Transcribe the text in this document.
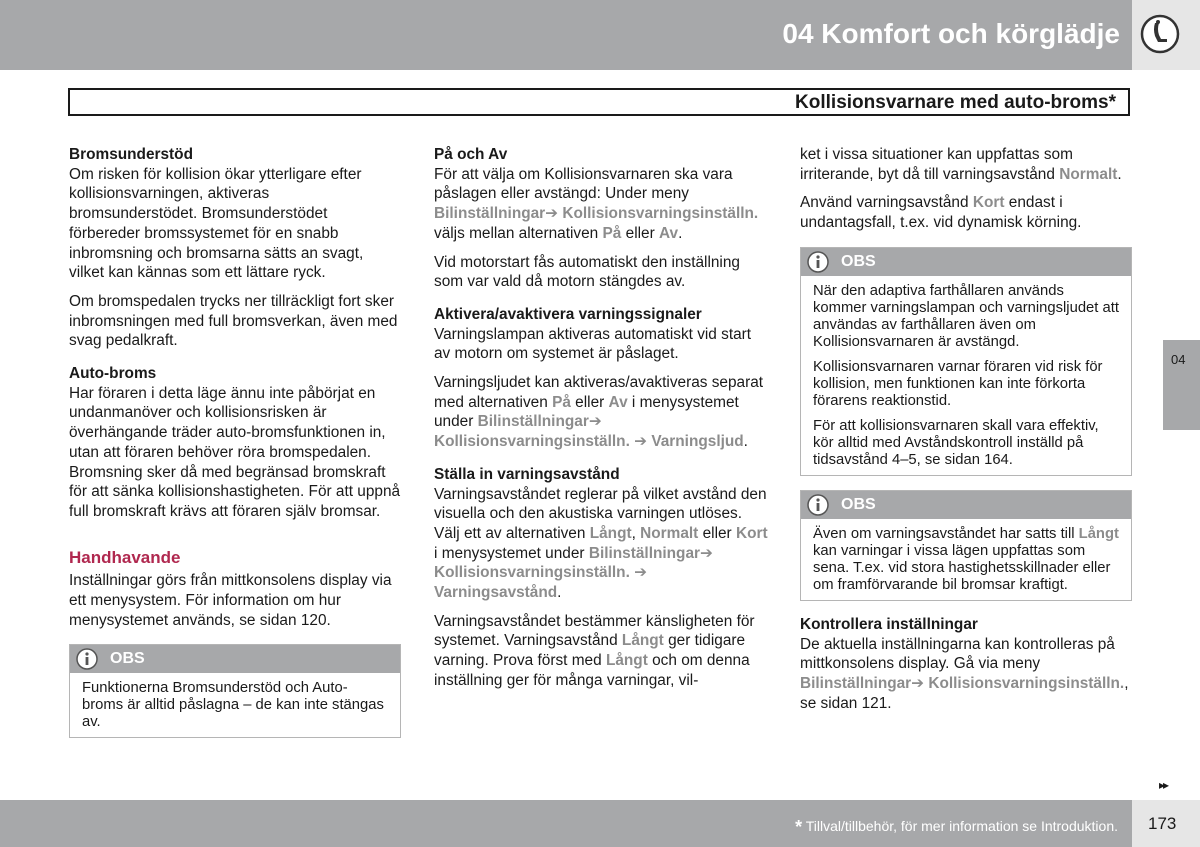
04 Komfort och körglädje
Kollisionsvarnare med auto-broms*
Bromsunderstöd

Om risken för kollision ökar ytterligare efter kollisionsvarningen, aktiveras bromsunderstödet. Bromsunderstödet förbereder bromssystemet för en snabb inbromsning och bromsarna sätts an svagt, vilket kan kännas som ett lättare ryck.

Om bromspedalen trycks ner tillräckligt fort sker inbromsningen med full bromsverkan, även med svag pedalkraft.

Auto-broms

Har föraren i detta läge ännu inte påbörjat en undanmanöver och kollisionsrisken är överhängande träder auto-bromsfunktionen in, utan att föraren behöver röra bromspedalen. Bromsning sker då med begränsad bromskraft för att sänka kollisionshastigheten. För att uppnå full bromskraft krävs att föraren själv bromsar.

Handhavande

Inställningar görs från mittkonsolens display via ett menysystem. För information om hur menysystemet används, se sidan 120.

OBS

Funktionerna Bromsunderstöd och Auto-broms är alltid påslagna – de kan inte stängas av.

På och Av

För att välja om Kollisionsvarnaren ska vara påslagen eller avstängd: Under meny Bilinställningar➔ Kollisionsvarningsinställn. väljs mellan alternativen På eller Av.

Vid motorstart fås automatiskt den inställning som var vald då motorn stängdes av.

Aktivera/avaktivera varningssignaler

Varningslampan aktiveras automatiskt vid start av motorn om systemet är påslaget.

Varningsljudet kan aktiveras/avaktiveras separat med alternativen På eller Av i menysystemet under Bilinställningar➔ Kollisionsvarningsinställn. ➔ Varningsljud.

Ställa in varningsavstånd

Varningsavståndet reglerar på vilket avstånd den visuella och den akustiska varningen utlöses. Välj ett av alternativen Långt, Normalt eller Kort i menysystemet under Bilinställningar➔ Kollisionsvarningsinställn. ➔ Varningsavstånd.

Varningsavståndet bestämmer känsligheten för systemet. Varningsavstånd Långt ger tidigare varning. Prova först med Långt och om denna inställning ger för många varningar, vil-

ket i vissa situationer kan uppfattas som irriterande, byt då till varningsavstånd Normalt.

Använd varningsavstånd Kort endast i undantagsfall, t.ex. vid dynamisk körning.

OBS

När den adaptiva farthållaren används kommer varningslampan och varningsljudet att användas av farthållaren även om Kollisionsvarnaren är avstängd.

Kollisionsvarnaren varnar föraren vid risk för kollision, men funktionen kan inte förkorta förarens reaktionstid.

För att kollisionsvarnaren skall vara effektiv, kör alltid med Avståndskontroll inställd på tidsavstånd 4–5, se sidan 164.

OBS

Även om varningsavståndet har satts till Långt kan varningar i vissa lägen uppfattas som sena. T.ex. vid stora hastighetsskillnader eller om framförvarande bil bromsar kraftigt.

Kontrollera inställningar

De aktuella inställningarna kan kontrolleras på mittkonsolens display. Gå via meny Bilinställningar➔ Kollisionsvarningsinställn., se sidan 121.

04
▸▸
* Tillval/tillbehör, för mer information se Introduktion. 173
